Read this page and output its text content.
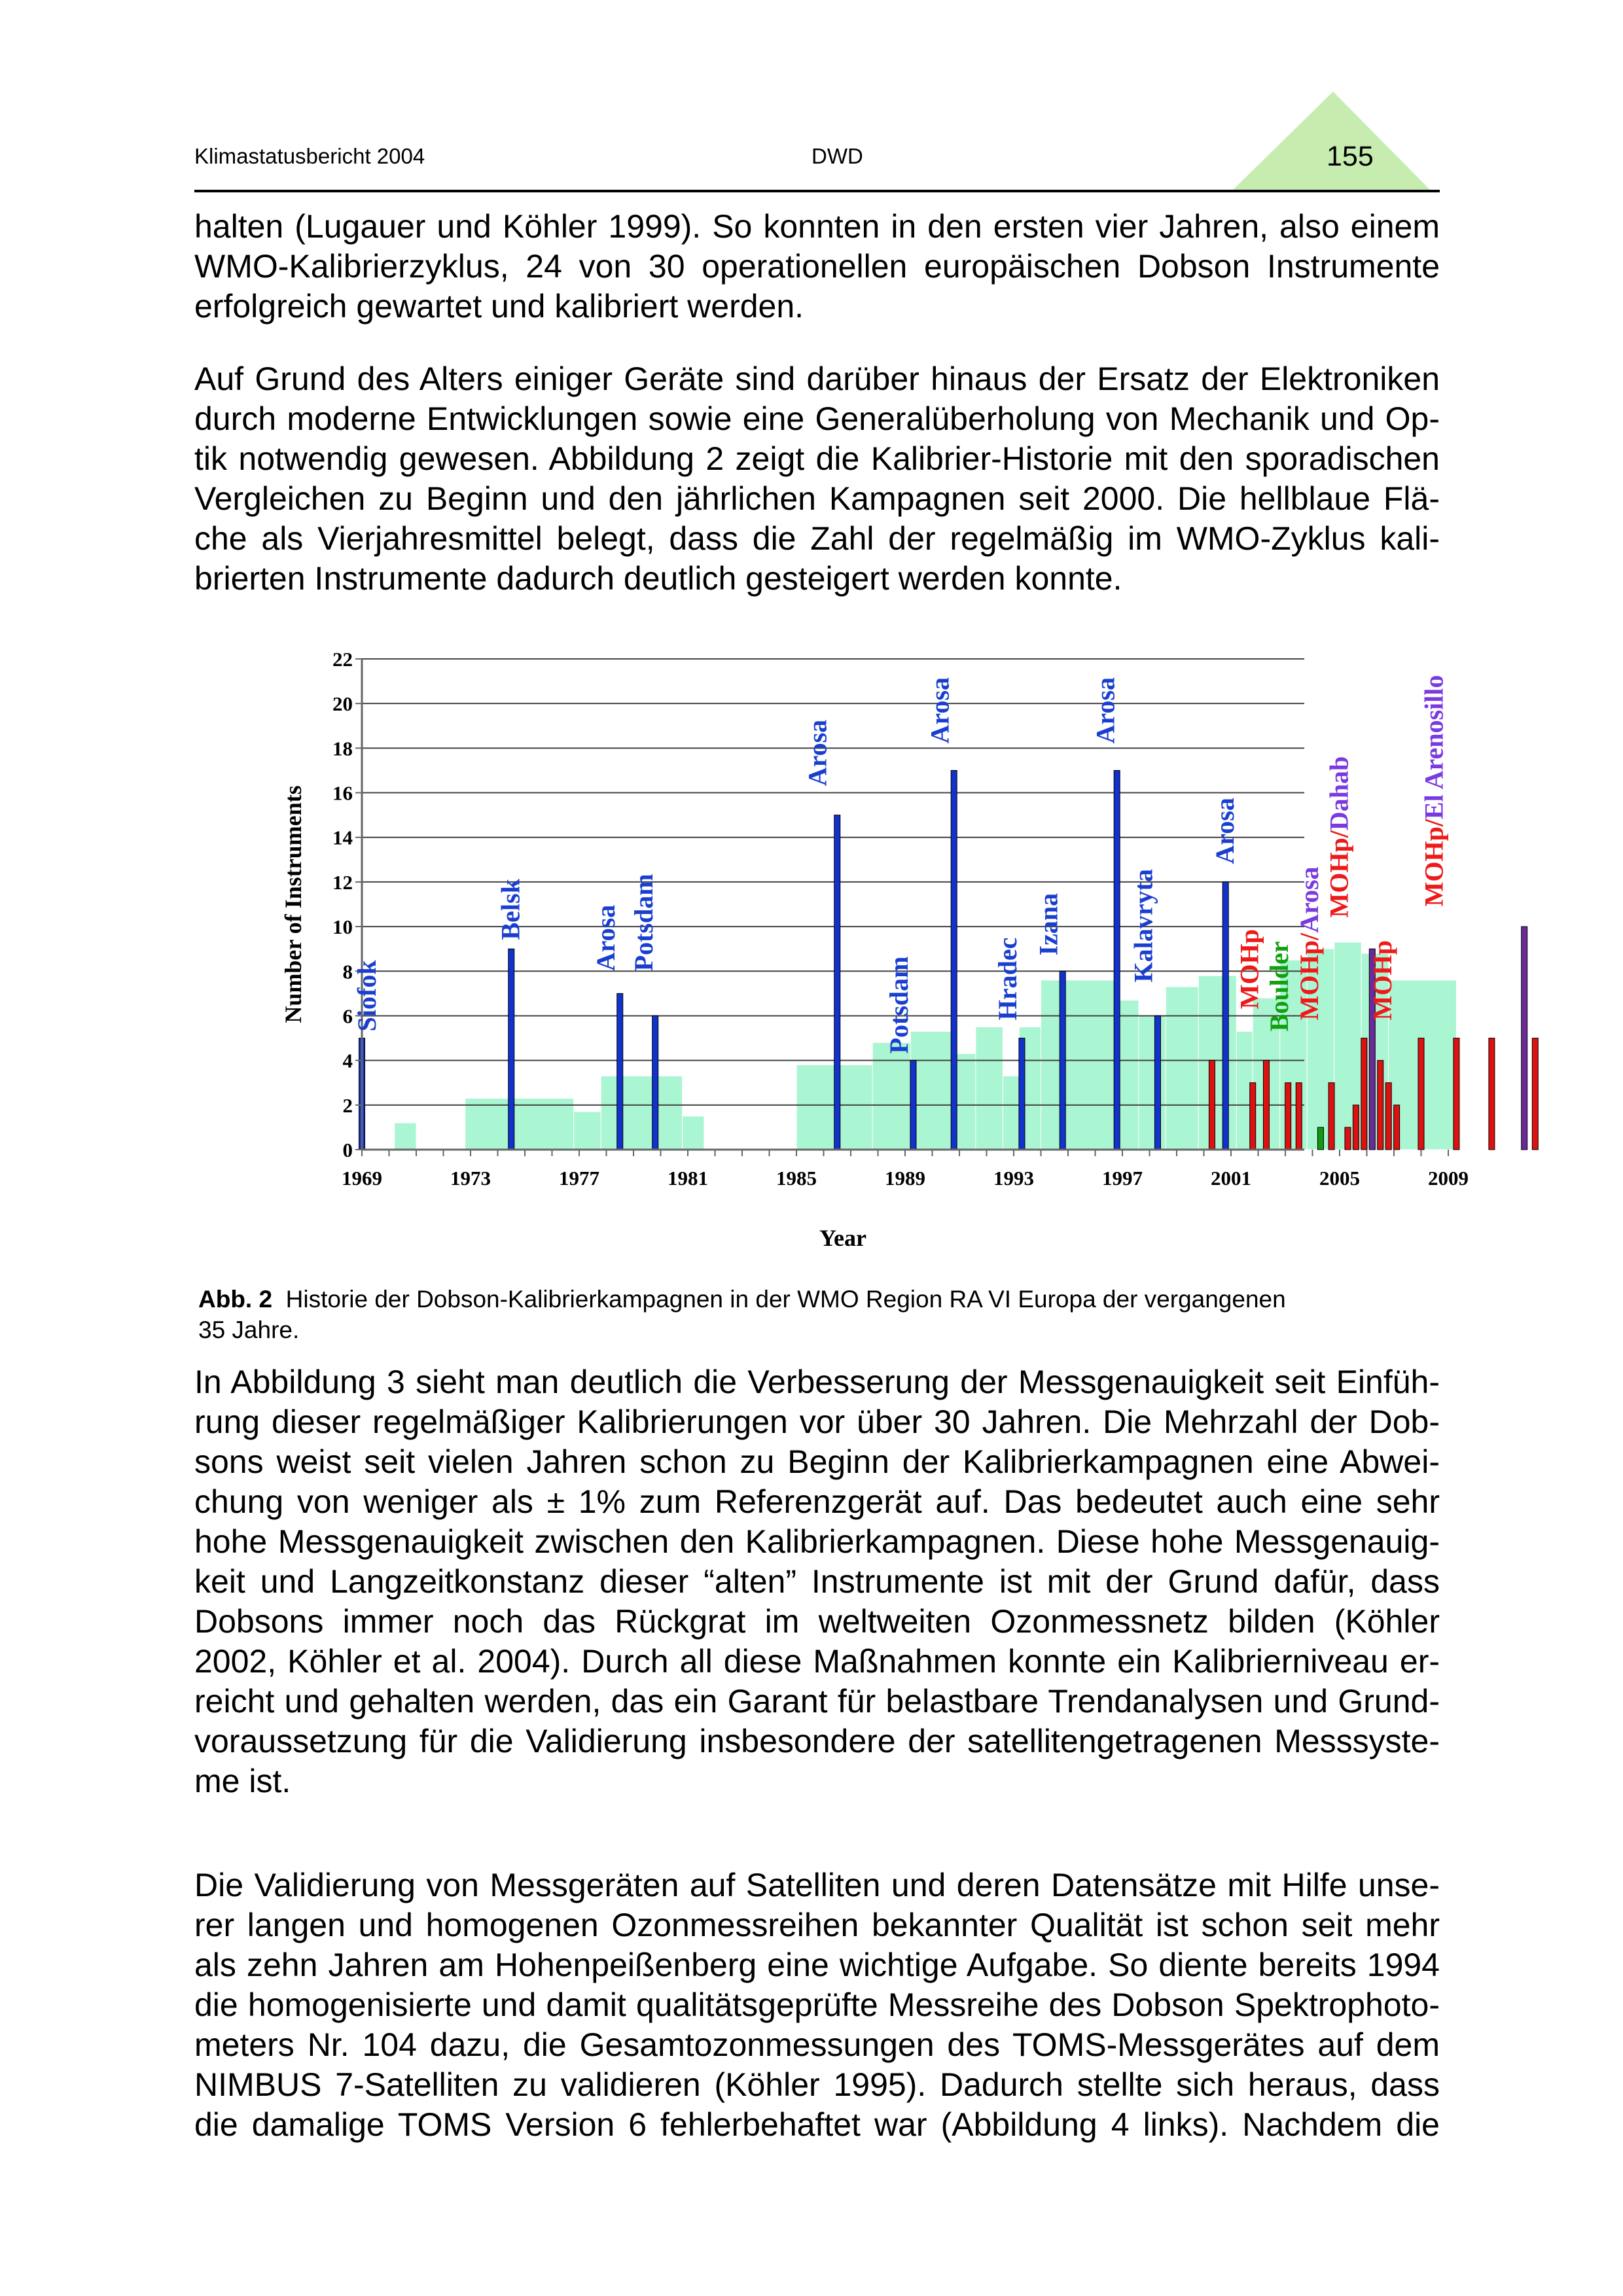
Klimastatusbericht 2004	DWD	155
halten (Lugauer und Köhler 1999). So konnten in den ersten vier Jahren, also einem
WMO-Kalibrierzyklus, 24 von 30 operationellen europäischen Dobson Instrumente
erfolgreich gewartet und kalibriert werden.
Auf Grund des Alters einiger Geräte sind darüber hinaus der Ersatz der Elektroniken
durch moderne Entwicklungen sowie eine Generalüberholung von Mechanik und Op-
tik notwendig gewesen. Abbildung 2 zeigt die Kalibrier-Historie mit den sporadischen
Vergleichen zu Beginn und den jährlichen Kampagnen seit 2000. Die hellblaue Flä-
che als Vierjahresmittel belegt, dass die Zahl der regelmäßig im WMO-Zyklus kali-
brierten Instrumente dadurch deutlich gesteigert werden konnte.
0
2
4
6
8
10
12
14
16
18
20
22
1969	1973	1977	1981	1985	1989	1993	1997	2001	2005	2009
Year
Number of Instruments Siofok
Belsk	Arosa Potsdam
Arosa
Potsdam
Arosa
Hradec
Izana
Arosa
Kalavryta
Arosa
MOHp Boulder MOHp/Arosa MOHp/Dahab
MOHp
MOHp/El Arenosillo
Abb. 2 Historie der Dobson-Kalibrierkampagnen in der WMO Region RA VI Europa der vergangenen
35 Jahre.
In Abbildung 3 sieht man deutlich die Verbesserung der Messgenauigkeit seit Einfüh-
rung dieser regelmäßiger Kalibrierungen vor über 30 Jahren. Die Mehrzahl der Dob-
sons weist seit vielen Jahren schon zu Beginn der Kalibrierkampagnen eine Abwei-
chung von weniger als ± 1% zum Referenzgerät auf. Das bedeutet auch eine sehr
hohe Messgenauigkeit zwischen den Kalibrierkampagnen. Diese hohe Messgenauig-
keit und Langzeitkonstanz dieser “alten” Instrumente ist mit der Grund dafür, dass
Dobsons immer noch das Rückgrat im weltweiten Ozonmessnetz bilden (Köhler
2002, Köhler et al. 2004). Durch all diese Maßnahmen konnte ein Kalibrierniveau er-
reicht und gehalten werden, das ein Garant für belastbare Trendanalysen und Grund-
voraussetzung für die Validierung insbesondere der satellitengetragenen Messsyste-
me ist.
Die Validierung von Messgeräten auf Satelliten und deren Datensätze mit Hilfe unse-
rer langen und homogenen Ozonmessreihen bekannter Qualität ist schon seit mehr
als zehn Jahren am Hohenpeißenberg eine wichtige Aufgabe. So diente bereits 1994
die homogenisierte und damit qualitätsgeprüfte Messreihe des Dobson Spektrophoto-
meters Nr. 104 dazu, die Gesamtozonmessungen des TOMS-Messgerätes auf dem
NIMBUS 7-Satelliten zu validieren (Köhler 1995). Dadurch stellte sich heraus, dass
die damalige TOMS Version 6 fehlerbehaftet war (Abbildung 4 links). Nachdem die
